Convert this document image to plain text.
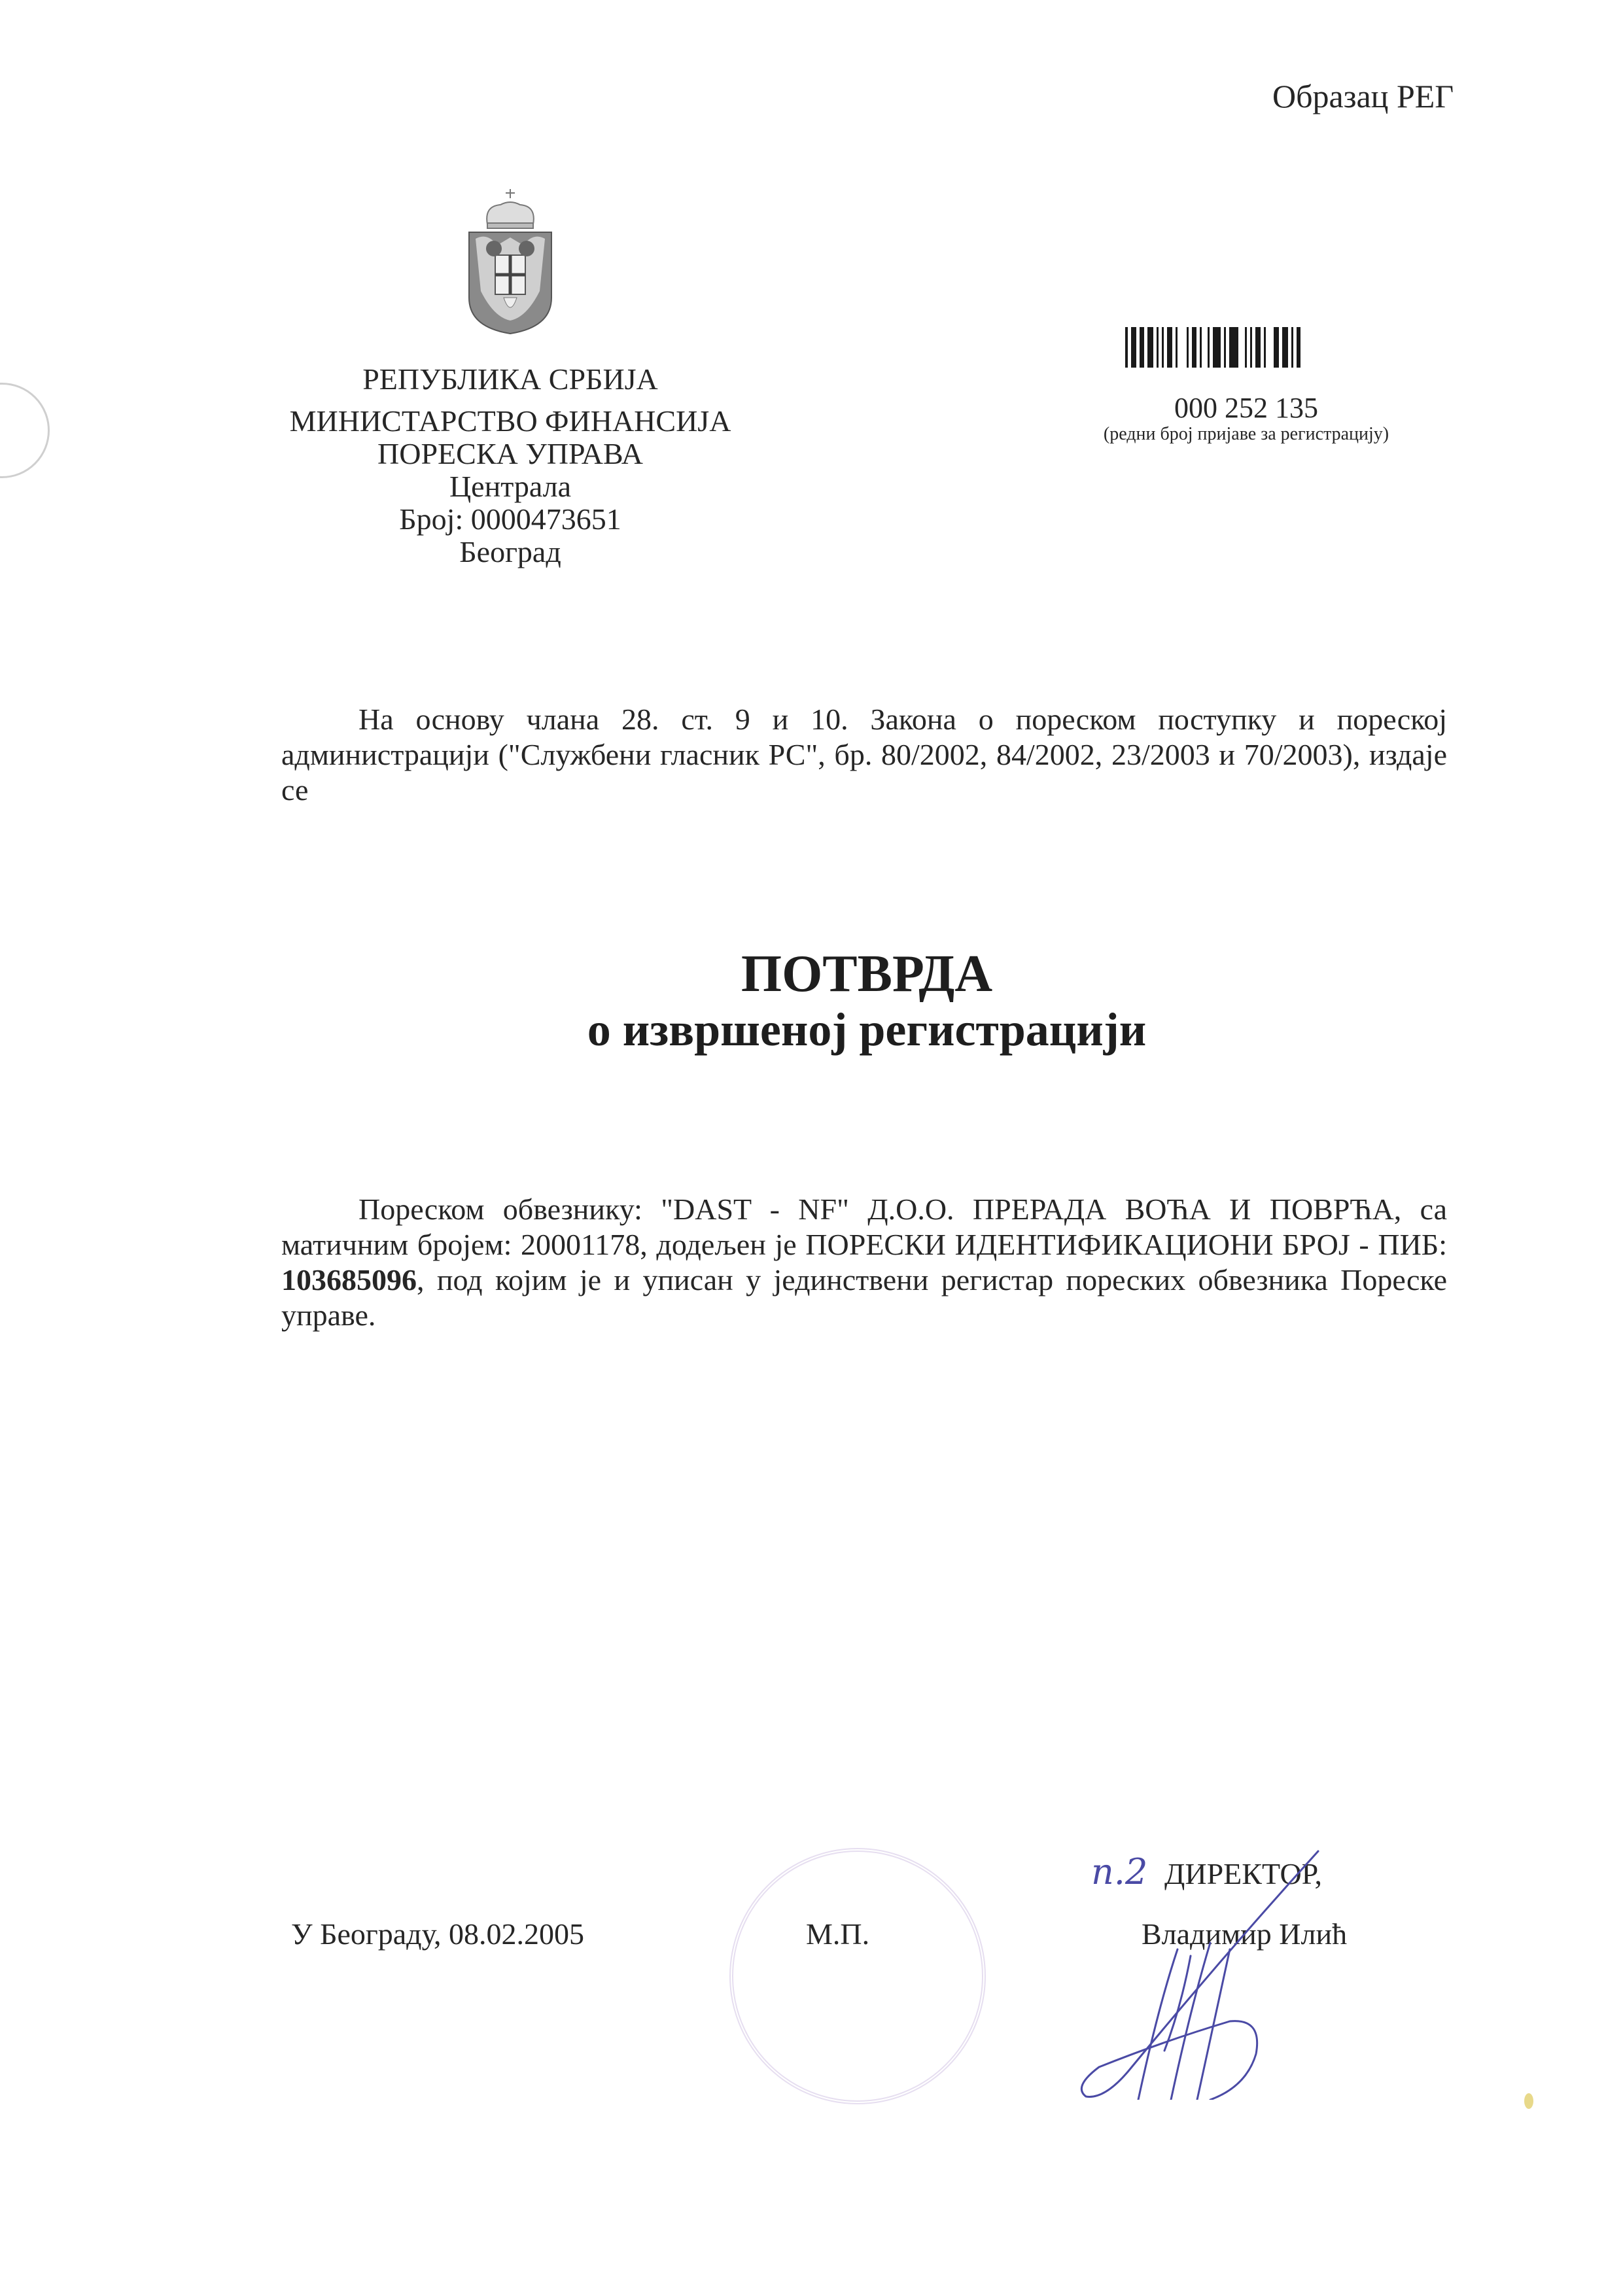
Образац РЕГ
РЕПУБЛИКА СРБИЈА
МИНИСТАРСТВО ФИНАНСИЈА
ПОРЕСКА УПРАВА
Централа
Број: 0000473651
Београд
000 252 135
(редни број пријаве за регистрацију)
На основу члана 28. ст. 9 и 10. Закона о пореском поступку и пореској администрацији ("Службени гласник РС", бр. 80/2002, 84/2002, 23/2003 и 70/2003), издаје се
ПОТВРДА
о извршеној регистрацији
Пореском обвезнику: "DAST - NF" Д.О.О. ПРЕРАДА ВОЋА И ПОВРЋА, са матичним бројем: 20001178, додељен је ПОРЕСКИ ИДЕНТИФИКАЦИОНИ БРОЈ - ПИБ: 103685096, под којим је и уписан у јединствени регистар пореских обвезника Пореске управе.
У Београду, 08.02.2005	М.П.
п.2 ДИРЕКТОР,
Владимир Илић
